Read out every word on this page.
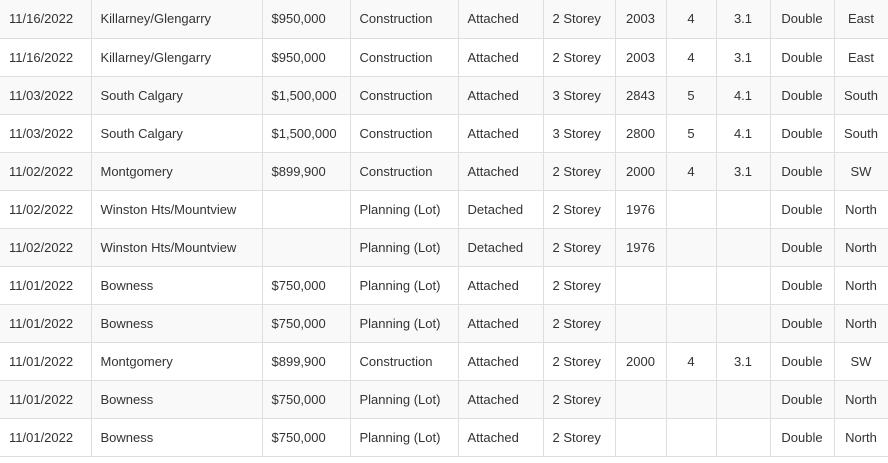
11/16/2022	Killarney/Glengarry	$950,000	Construction	Attached	2 Storey	2003	4	3.1	Double	East
11/16/2022	Killarney/Glengarry	$950,000	Construction	Attached	2 Storey	2003	4	3.1	Double	East
11/03/2022	South Calgary	$1,500,000	Construction	Attached	3 Storey	2843	5	4.1	Double	South
11/03/2022	South Calgary	$1,500,000	Construction	Attached	3 Storey	2800	5	4.1	Double	South
11/02/2022	Montgomery	$899,900	Construction	Attached	2 Storey	2000	4	3.1	Double	SW
11/02/2022	Winston Hts/Mountview		Planning (Lot)	Detached	2 Storey	1976			Double	North
11/02/2022	Winston Hts/Mountview		Planning (Lot)	Detached	2 Storey	1976			Double	North
11/01/2022	Bowness	$750,000	Planning (Lot)	Attached	2 Storey				Double	North
11/01/2022	Bowness	$750,000	Planning (Lot)	Attached	2 Storey				Double	North
11/01/2022	Montgomery	$899,900	Construction	Attached	2 Storey	2000	4	3.1	Double	SW
11/01/2022	Bowness	$750,000	Planning (Lot)	Attached	2 Storey				Double	North
11/01/2022	Bowness	$750,000	Planning (Lot)	Attached	2 Storey				Double	North
